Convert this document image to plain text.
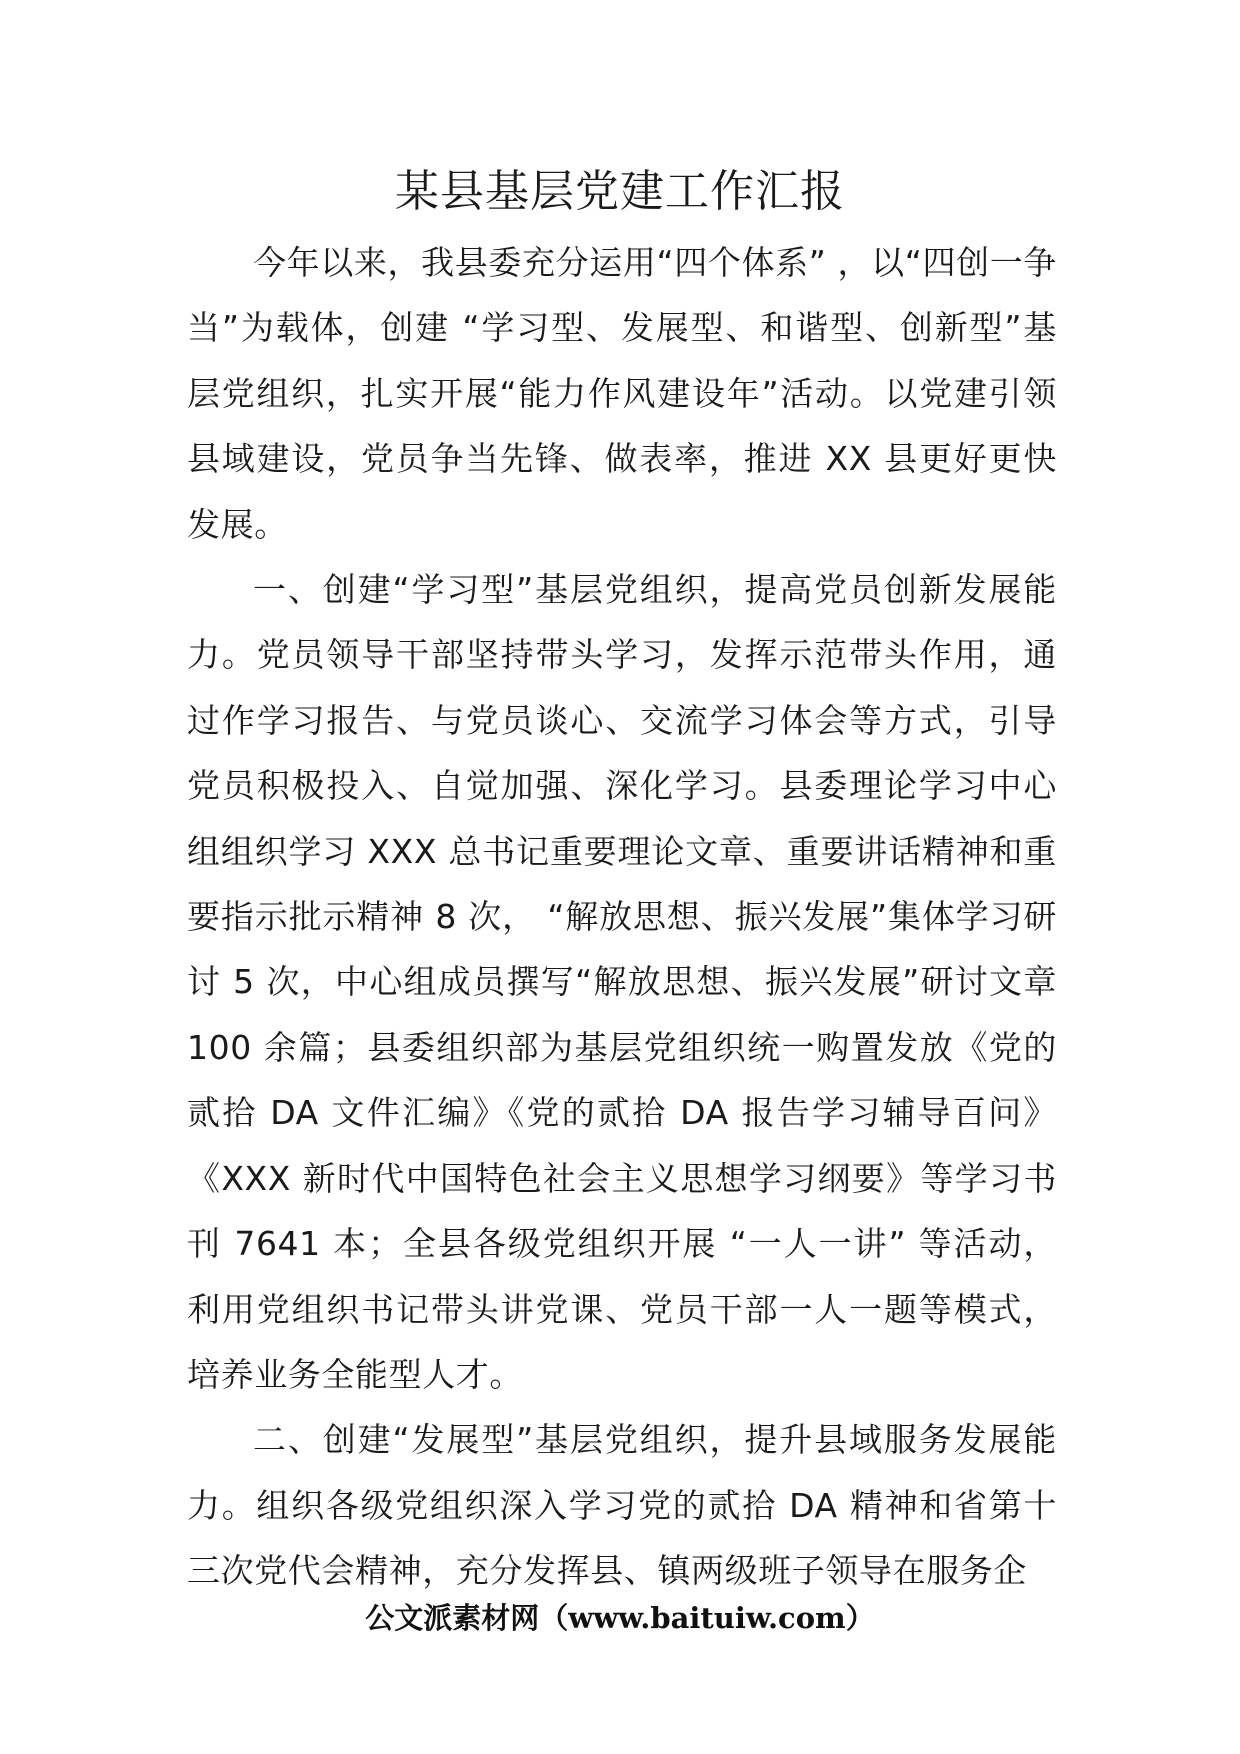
某县基层党建工作汇报

今年以来，我县委充分运用“四个体系” ，以“四创一争当”为载体，创建 “学习型、发展型、和谐型、创新型”基层党组织，扎实开展“能力作风建设年”活动。以党建引领县域建设，党员争当先锋、做表率，推进 XX 县更好更快发展。

一、创建“学习型”基层党组织，提高党员创新发展能力。党员领导干部坚持带头学习，发挥示范带头作用，通过作学习报告、与党员谈心、交流学习体会等方式，引导党员积极投入、自觉加强、深化学习。县委理论学习中心组组织学习 XXX 总书记重要理论文章、重要讲话精神和重要指示批示精神 8 次， “解放思想、振兴发展”集体学习研讨 5 次，中心组成员撰写“解放思想、振兴发展”研讨文章 100 余篇；县委组织部为基层党组织统一购置发放《党的贰拾 DA 文件汇编》《党的贰拾 DA 报告学习辅导百问》《XXX 新时代中国特色社会主义思想学习纲要》等学习书刊 7641 本；全县各级党组织开展 “一人一讲” 等活动，利用党组织书记带头讲党课、党员干部一人一题等模式，培养业务全能型人才。

二、创建“发展型”基层党组织，提升县域服务发展能力。组织各级党组织深入学习党的贰拾 DA 精神和省第十三次党代会精神，充分发挥县、镇两级班子领导在服务企

公文派素材网（www.baituiw.com）
